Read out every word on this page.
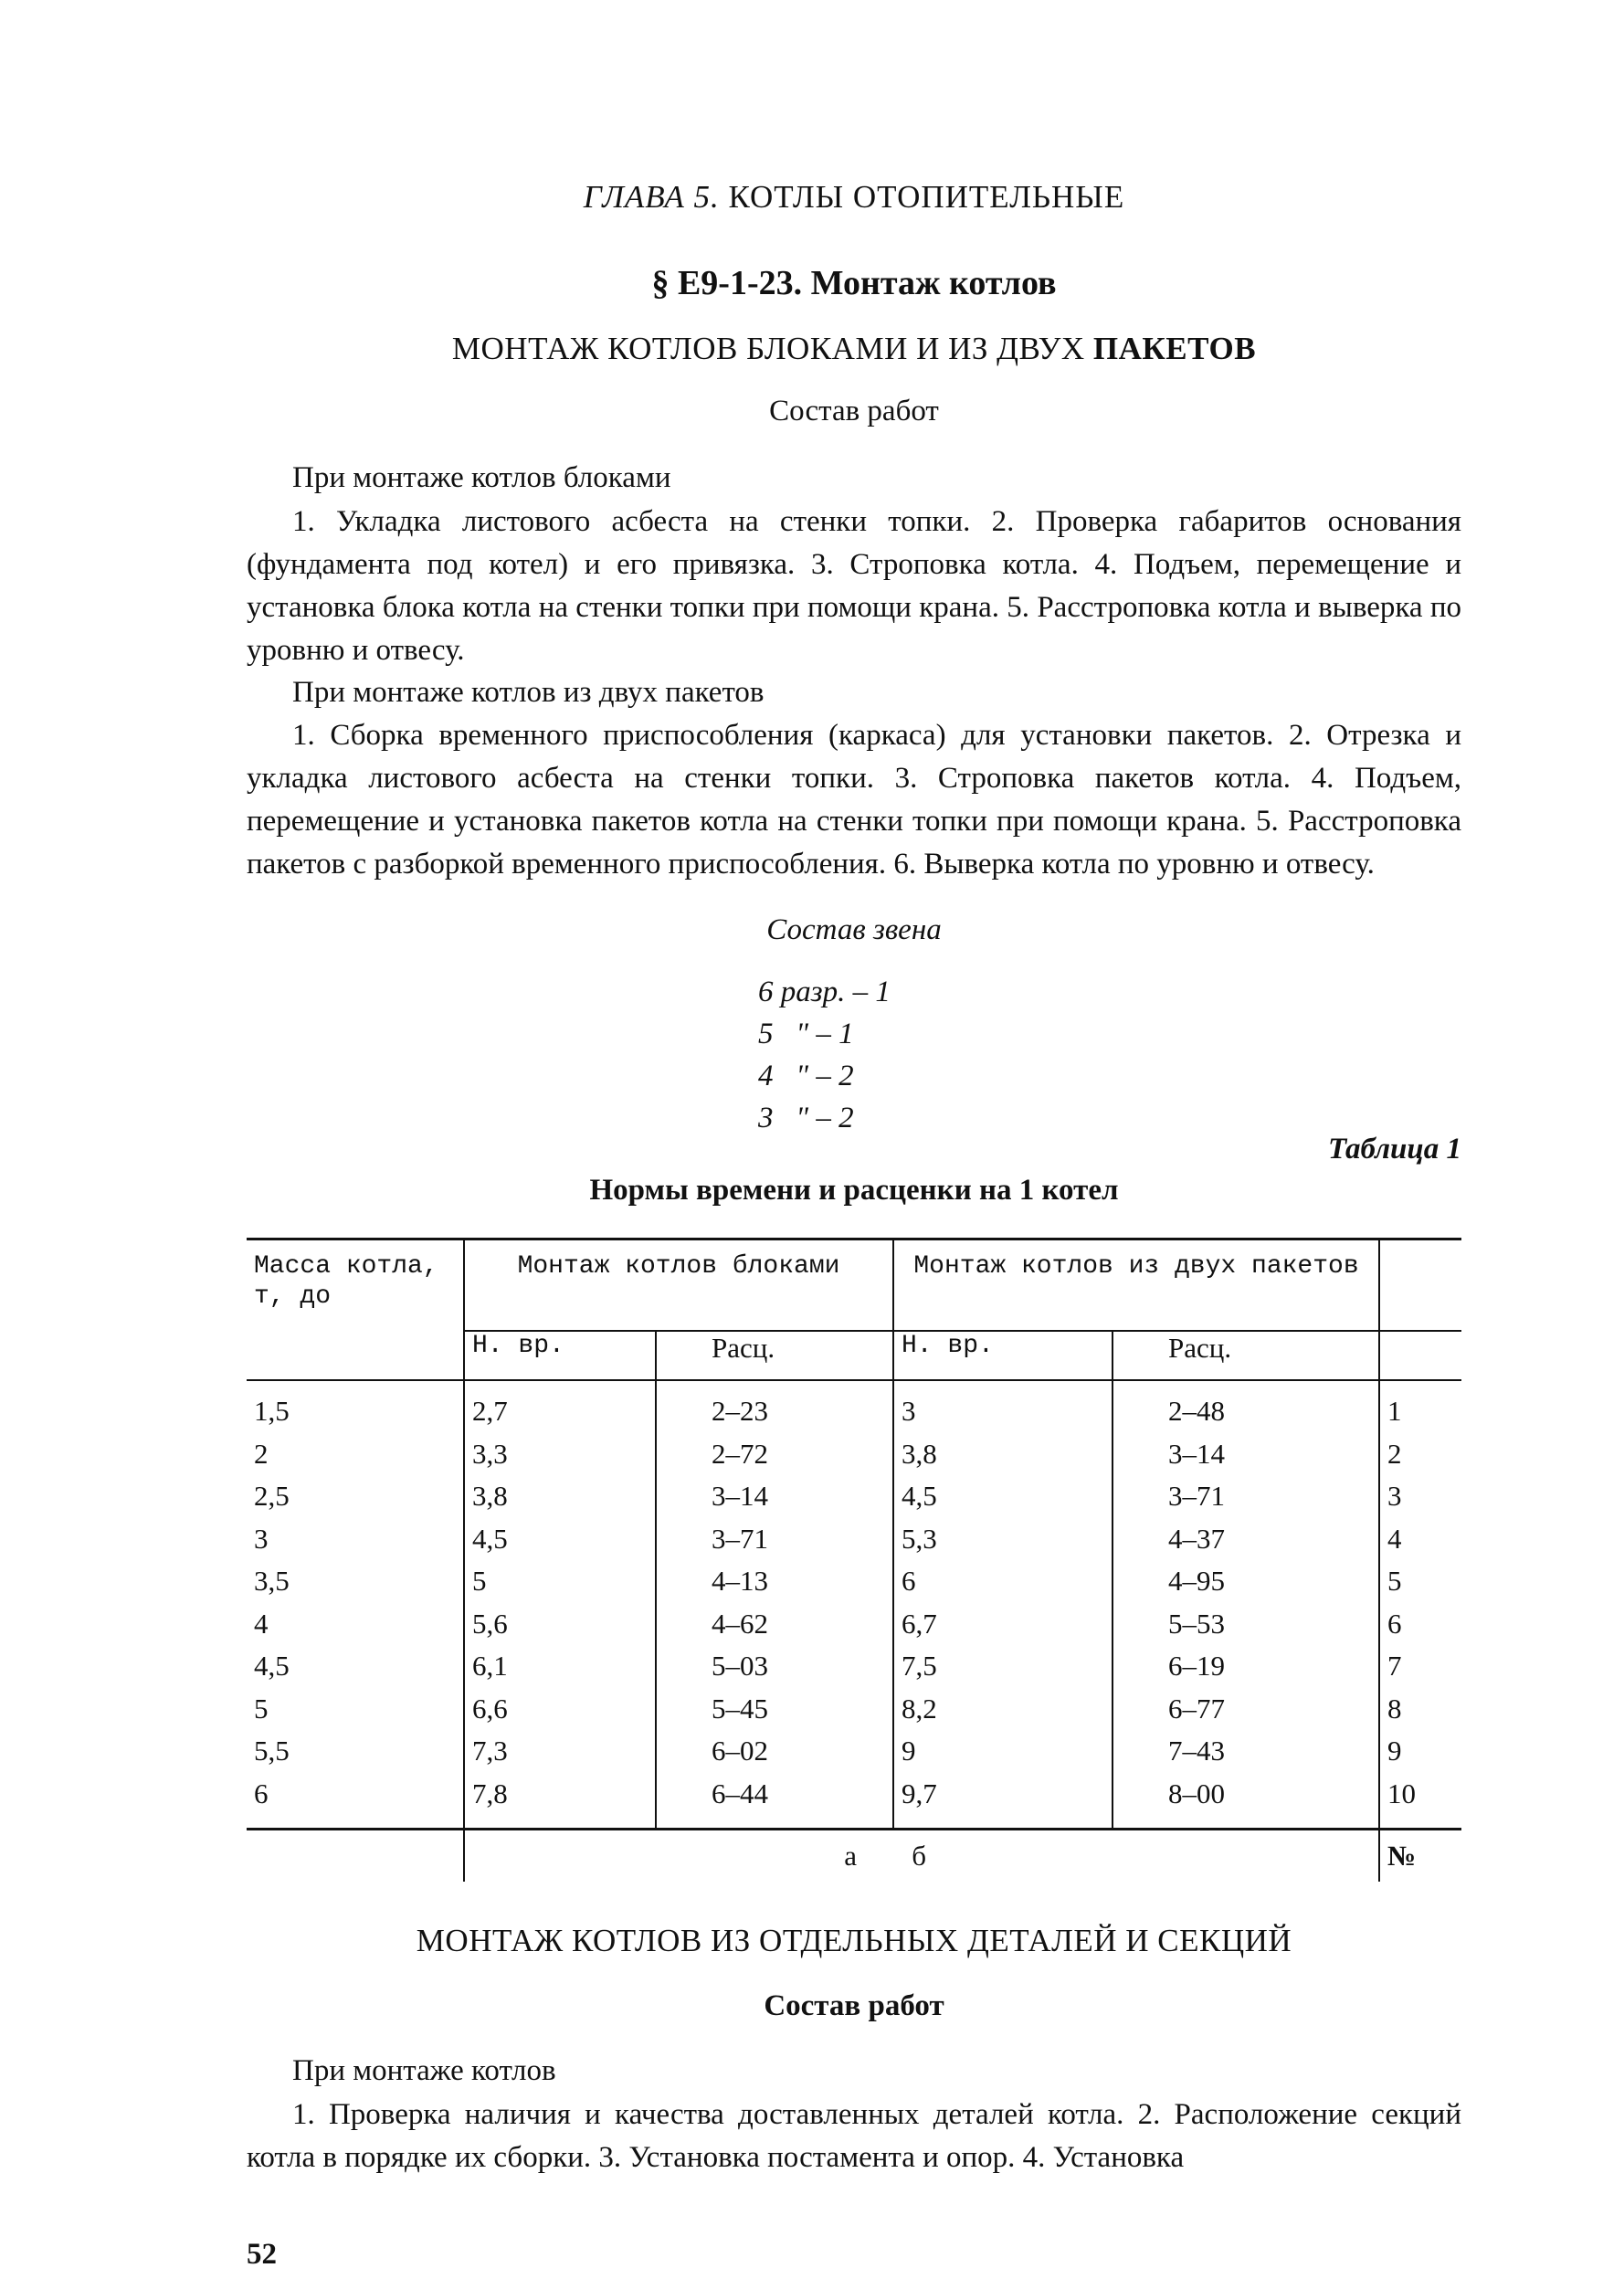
ГЛАВА 5. КОТЛЫ ОТОПИТЕЛЬНЫЕ
§ Е9-1-23. Монтаж котлов
МОНТАЖ КОТЛОВ БЛОКАМИ И ИЗ ДВУХ ПАКЕТОВ
Состав работ
При монтаже котлов блоками
1. Укладка листового асбеста на стенки топки. 2. Проверка габаритов основания (фундамента под котел) и его привязка. 3. Строповка котла. 4. Подъем, перемещение и установка блока котла на стенки топки при помощи крана. 5. Расстроповка котла и выверка по уровню и отвесу.
При монтаже котлов из двух пакетов
1. Сборка временного приспособления (каркаса) для установки пакетов. 2. Отрезка и укладка листового асбеста на стенки топки. 3. Строповка пакетов котла. 4. Подъем, перемещение и установка пакетов котла на стенки топки при помощи крана. 5. Расстроповка пакетов с разборкой временного приспособления. 6. Выверка котла по уровню и отвесу.
Состав звена
6 разр. – 1
5   " – 1
4   " – 2
3   " – 2
Таблица 1
Нормы времени и расценки на 1 котел
Масса котла, т, до	Монтаж котлов блоками		Монтаж котлов из двух пакетов		
	Н. вр.	Расц.	Н. вр.	Расц.	
1,5	2,7	2–23	3	2–48	1
2	3,3	2–72	3,8	3–14	2
2,5	3,8	3–14	4,5	3–71	3
3	4,5	3–71	5,3	4–37	4
3,5	5	4–13	6	4–95	5
4	5,6	4–62	6,7	5–53	6
4,5	6,1	5–03	7,5	6–19	7
5	6,6	5–45	8,2	6–77	8
5,5	7,3	6–02	9	7–43	9
6	7,8	6–44	9,7	8–00	10
	а		б		№
МОНТАЖ КОТЛОВ ИЗ ОТДЕЛЬНЫХ ДЕТАЛЕЙ И СЕКЦИЙ
Состав работ
При монтаже котлов
1. Проверка наличия и качества доставленных деталей котла. 2. Расположение секций котла в порядке их сборки. 3. Установка постамента и опор. 4. Установка
52
